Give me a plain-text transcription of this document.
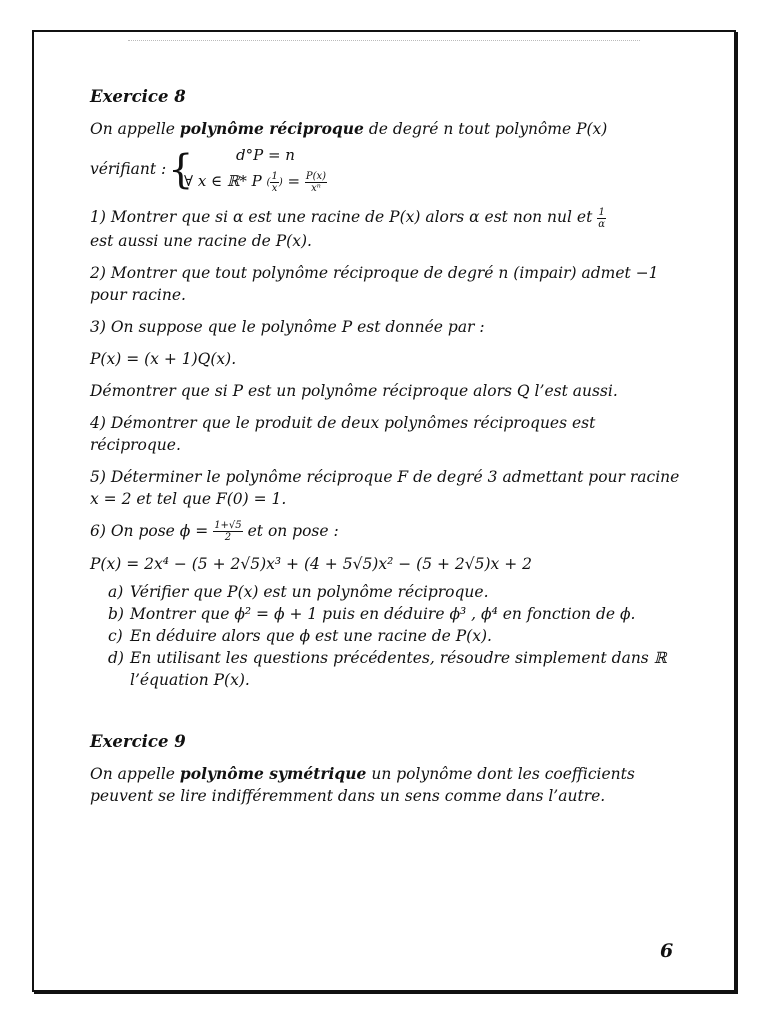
Exercice 8

On appelle polynôme réciproque de degré n tout polynôme P(x)

vérifiant : {	d°P = n
∀ x ∈ ℝ* P ( $\frac{1}{x}$ ) = $\frac{P(x)}{\text{xⁿ}}$

1) Montrer que si α est une racine de P(x) alors α est non nul et $\frac{1}{\alpha}$

est aussi une racine de P(x).

2) Montrer que tout polynôme réciproque de degré n (impair) admet −1 pour racine.

3) On suppose que le polynôme P est donnée par :

P(x) = (x + 1)Q(x).

Démontrer que si P est un polynôme réciproque alors Q l’est aussi.

4) Démontrer que le produit de deux polynômes réciproques est réciproque.

5) Déterminer le polynôme réciproque F de degré 3 admettant pour racine x = 2 et tel que F(0) = 1.

6) On pose $\phi = \frac{1+√5}{2}$ et on pose :

P(x) = 2x⁴ − (5 + 2√5)x³ + (4 + 5√5)x² − (5 + 2√5)x + 2

a) Vérifier que P(x) est un polynôme réciproque.
b) Montrer que ϕ² = ϕ + 1 puis en déduire ϕ³ , ϕ⁴ en fonction de ϕ.
c) En déduire alors que ϕ est une racine de P(x).
d) En utilisant les questions précédentes, résoudre simplement dans ℝ l’équation P(x).
Exercice 9

On appelle polynôme symétrique un polynôme dont les coefficients peuvent se lire indifféremment dans un sens comme dans l’autre.

6
